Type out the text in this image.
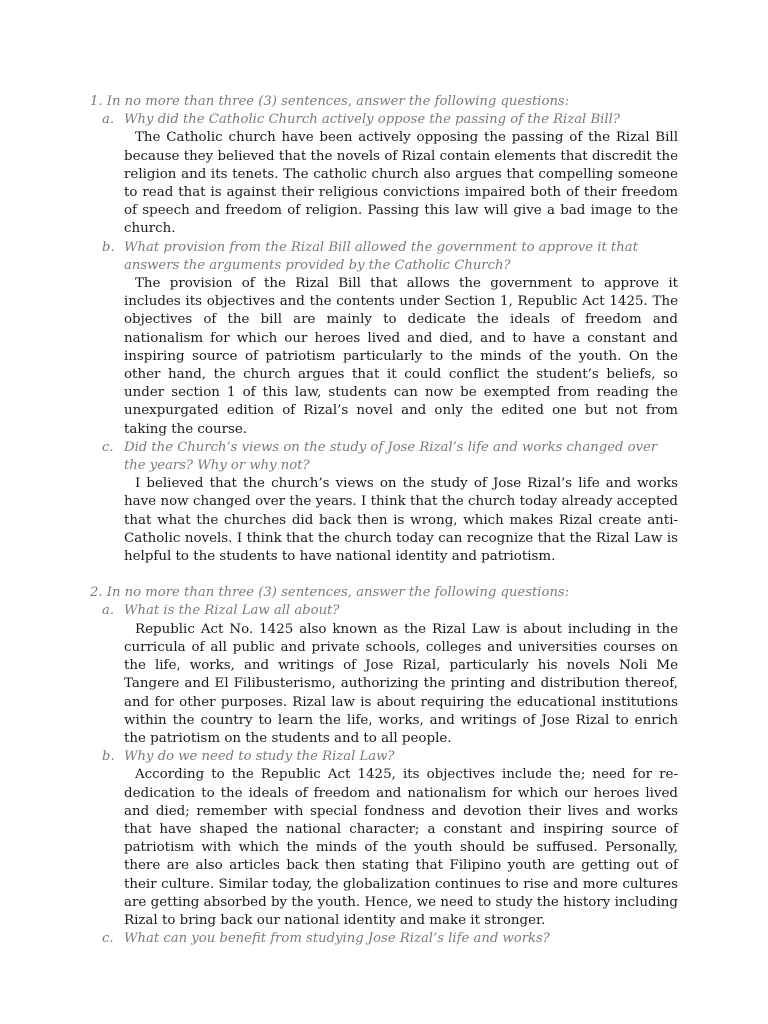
1. In no more than three (3) sentences, answer the following questions:

a. Why did the Catholic Church actively oppose the passing of the Rizal Bill?

The Catholic church have been actively opposing the passing of the Rizal Bill because they believed that the novels of Rizal contain elements that discredit the religion and its tenets. The catholic church also argues that compelling someone to read that is against their religious convictions impaired both of their freedom of speech and freedom of religion. Passing this law will give a bad image to the church.

b. What provision from the Rizal Bill allowed the government to approve it that answers the arguments provided by the Catholic Church?

The provision of the Rizal Bill that allows the government to approve it includes its objectives and the contents under Section 1, Republic Act 1425. The objectives of the bill are mainly to dedicate the ideals of freedom and nationalism for which our heroes lived and died, and to have a constant and inspiring source of patriotism particularly to the minds of the youth. On the other hand, the church argues that it could conflict the student’s beliefs, so under section 1 of this law, students can now be exempted from reading the unexpurgated edition of Rizal’s novel and only the edited one but not from taking the course.

c. Did the Church’s views on the study of Jose Rizal’s life and works changed over the years? Why or why not?

I believed that the church’s views on the study of Jose Rizal’s life and works have now changed over the years. I think that the church today already accepted that what the churches did back then is wrong, which makes Rizal create anti-Catholic novels. I think that the church today can recognize that the Rizal Law is helpful to the students to have national identity and patriotism.

2. In no more than three (3) sentences, answer the following questions:

a. What is the Rizal Law all about?

Republic Act No. 1425 also known as the Rizal Law is about including in the curricula of all public and private schools, colleges and universities courses on the life, works, and writings of Jose Rizal, particularly his novels Noli Me Tangere and El Filibusterismo, authorizing the printing and distribution thereof, and for other purposes. Rizal law is about requiring the educational institutions within the country to learn the life, works, and writings of Jose Rizal to enrich the patriotism on the students and to all people.

b. Why do we need to study the Rizal Law?

According to the Republic Act 1425, its objectives include the; need for re-dedication to the ideals of freedom and nationalism for which our heroes lived and died; remember with special fondness and devotion their lives and works that have shaped the national character; a constant and inspiring source of patriotism with which the minds of the youth should be suffused. Personally, there are also articles back then stating that Filipino youth are getting out of their culture. Similar today, the globalization continues to rise and more cultures are getting absorbed by the youth. Hence, we need to study the history including Rizal to bring back our national identity and make it stronger.

c. What can you benefit from studying Jose Rizal’s life and works?
